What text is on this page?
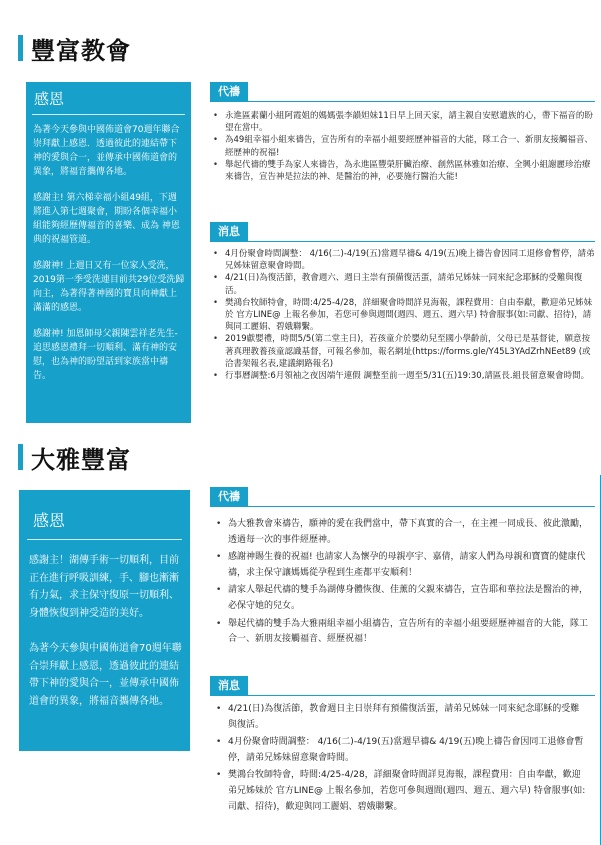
豐富教會
感恩

為著今天參與中國佈道會70週年聯合崇拜獻上感恩．透過彼此的連結帶下神的愛與合一，並傳承中國佈道會的異象，將福音攜傳各地。

感謝主! 第六梯幸福小組49組，下週將進入第七週聚會，期盼各個幸福小組能夠經歷傳福音的喜樂、成為 神恩典的祝福管道。

感謝神! 上週日又有一位家人受洗，2019第一季受洗連目前共29位受洗歸向主，為著得著神國的寶貝向神獻上滿滿的感恩。

感謝神! 加恩師母父親陳雲祥老先生-追思感恩禮拜一切順利、滿有神的安慰，也為神的盼望話到家族當中禱告。

代禱
• 永進區素蘭小組阿霞姐的媽媽張李韻妲妹11日早上回天家，請主親自安慰遺族的心，帶下福音的盼望在當中。
• 為49組幸福小組來禱告，宣告所有的幸福小組要經歷神福音的大能，隊工合一、新朋友接觸福音、經歷神的祝福!
• 舉起代禱的雙手為家人來禱告，為永進區豐榮肝臟治療、創然區林雅如治療、全興小組謝麗珍治療來禱告，宣告神是拉法的神、是醫治的神，必要施行醫治大能!
消息
• 4月份聚會時間調整： 4/16(二)-4/19(五)當週早禱& 4/19(五)晚上禱告會因同工退修會暫停，請弟兄姊妹留意聚會時間。
• 4/21(日)為復活節，教會週六、週日主崇有預備復活蛋，請弟兄姊妹一同來紀念耶穌的受難與復活。
• 樊鴻台牧師特會，時間:4/25-4/28，詳細聚會時間詳見海報，課程費用：自由奉獻，歡迎弟兄姊妹於 官方LINE@ 上報名參加，若您可參與週間(週四、週五、週六早) 特會服事(如:司獻、招待)，請與同工麗娟、碧娥聯繫。
• 2019獻嬰禮，時間5/5(第二堂主日)，若孩童介於嬰幼兒至國小學齡前，父母已是基督徒，願意按著真理教養孩童認識基督，可報名參加，報名網址(https://forms.gle/Y45L3YAdZrhNEet89 (或洽書架報名表,建議網路報名)
• 行事曆調整:6月領袖之夜因端午連假 調整至前一週至5/31(五)19:30,請區長.組長留意聚會時間。
大雅豐富
感恩

感謝主！湖傳手術一切順利，目前正在進行呼吸訓練，手、腳也漸漸有力氣，求主保守復原一切順利、身體恢復到神受造的美好。

為著今天參與中國佈道會70週年聯合崇拜獻上感恩，透過彼此的連結帶下神的愛與合一，並傳承中國佈道會的異象，將福音攜傳各地。

代禱
• 為大雅教會來禱告，願神的愛在我們當中，帶下真實的合一，在主裡一同成長、彼此激勵，透過每一次的事件經歷神。
• 感謝神賜生養的祝福! 也請家人為懷孕的母親亭宇、嘉倩，請家人們為母親和寶寶的健康代禱，求主保守讓媽媽從孕程到生產都平安順利！
• 請家人舉起代禱的雙手為湖傳身體恢復、佳薰的父親來禱告，宣告耶和華拉法是醫治的神，必保守她的兒女。
• 舉起代禱的雙手為大雅兩組幸福小組禱告，宣告所有的幸福小組要經歷神福音的大能，隊工合一、新朋友接觸福音、經歷祝福！
消息
• 4/21(日)為復活節，教會週日主日崇拜有預備復活蛋，請弟兄姊妹一同來紀念耶穌的受難與復活。
• 4月份聚會時間調整： 4/16(二)-4/19(五)當週早禱& 4/19(五)晚上禱告會因同工退修會暫停，請弟兄姊妹留意聚會時間。
• 樊鴻台牧師特會，時間:4/25-4/28，詳細聚會時間詳見海報，課程費用：自由奉獻，歡迎弟兄姊妹於 官方LINE@ 上報名參加，若您可參與週間(週四、週五、週六早) 特會服事(如:司獻、招待)，歡迎與同工麗娟、碧娥聯繫。
